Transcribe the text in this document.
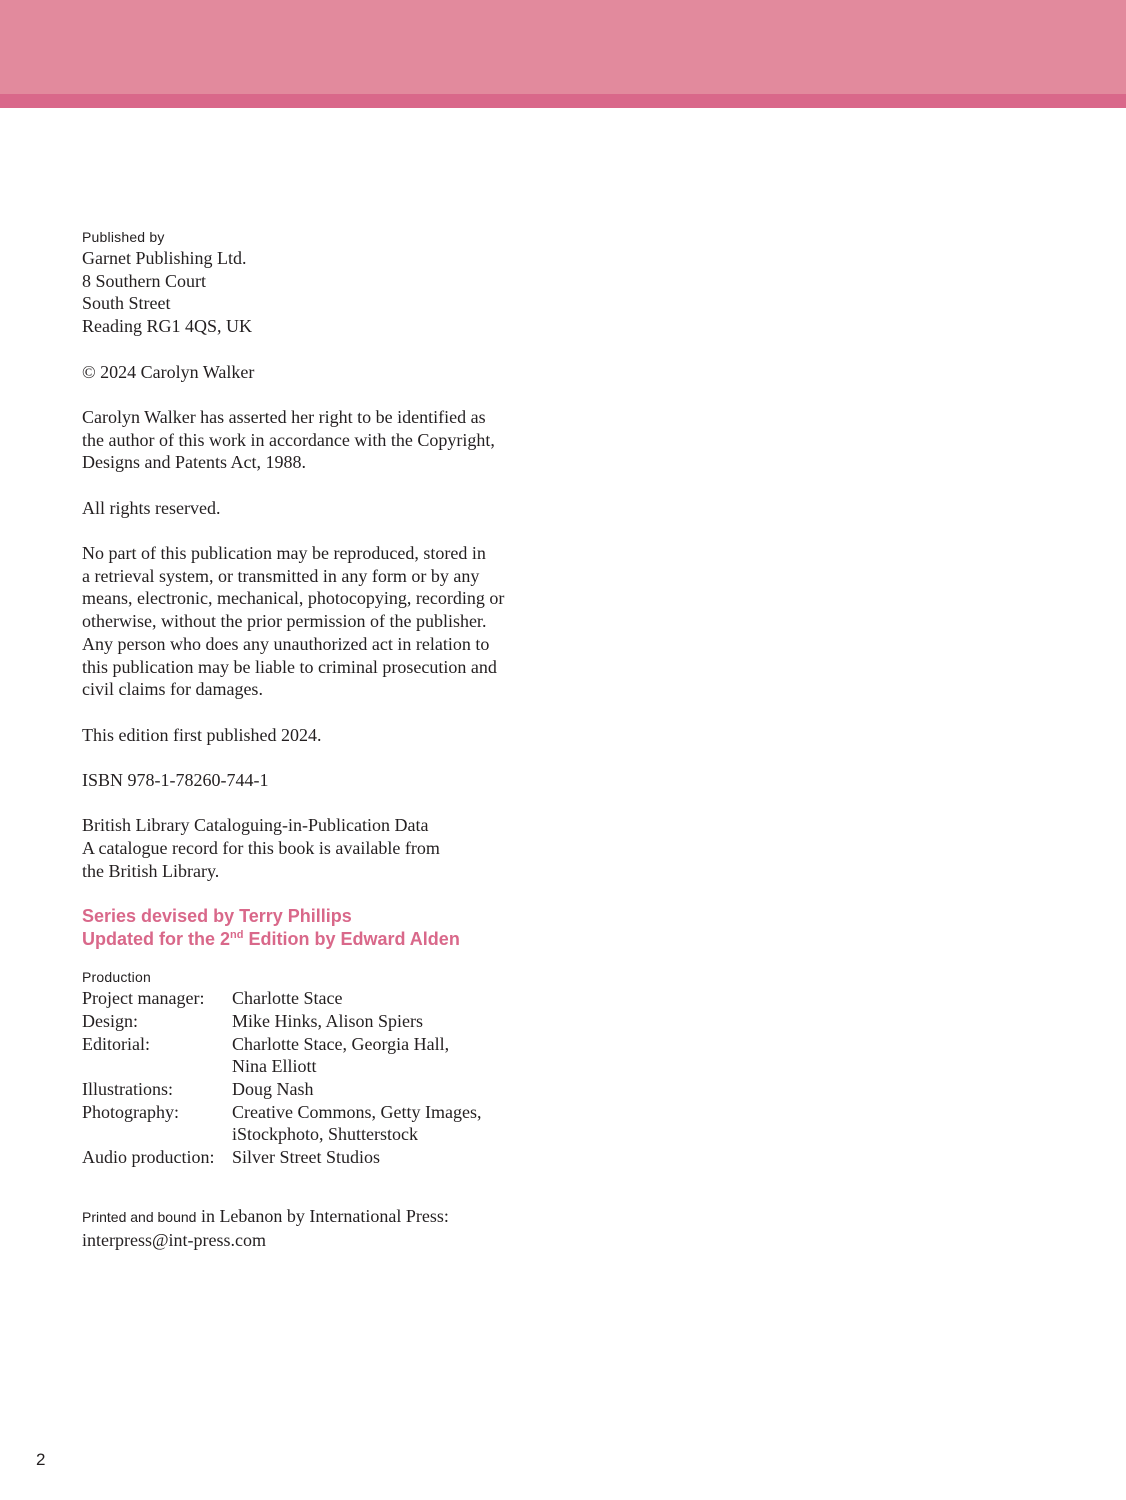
Published by
Garnet Publishing Ltd.
8 Southern Court
South Street
Reading RG1 4QS, UK
© 2024 Carolyn Walker
Carolyn Walker has asserted her right to be identified as
the author of this work in accordance with the Copyright,
Designs and Patents Act, 1988.
All rights reserved.
No part of this publication may be reproduced, stored in
a retrieval system, or transmitted in any form or by any
means, electronic, mechanical, photocopying, recording or
otherwise, without the prior permission of the publisher.
Any person who does any unauthorized act in relation to
this publication may be liable to criminal prosecution and
civil claims for damages.
This edition first published 2024.
ISBN 978-1-78260-744-1
British Library Cataloguing-in-Publication Data
A catalogue record for this book is available from
the British Library.
Series devised by Terry Phillips
Updated for the 2nd Edition by Edward Alden
Production
Project manager:	Charlotte Stace

Design:	Mike Hinks, Alison Spiers

Editorial:	Charlotte Stace, Georgia Hall,
Nina Elliott

Illustrations:	Doug Nash

Photography:	Creative Commons, Getty Images,
iStockphoto, Shutterstock

Audio production:	Silver Street Studios
Printed and bound in Lebanon by International Press:
interpress@int-press.com
2
